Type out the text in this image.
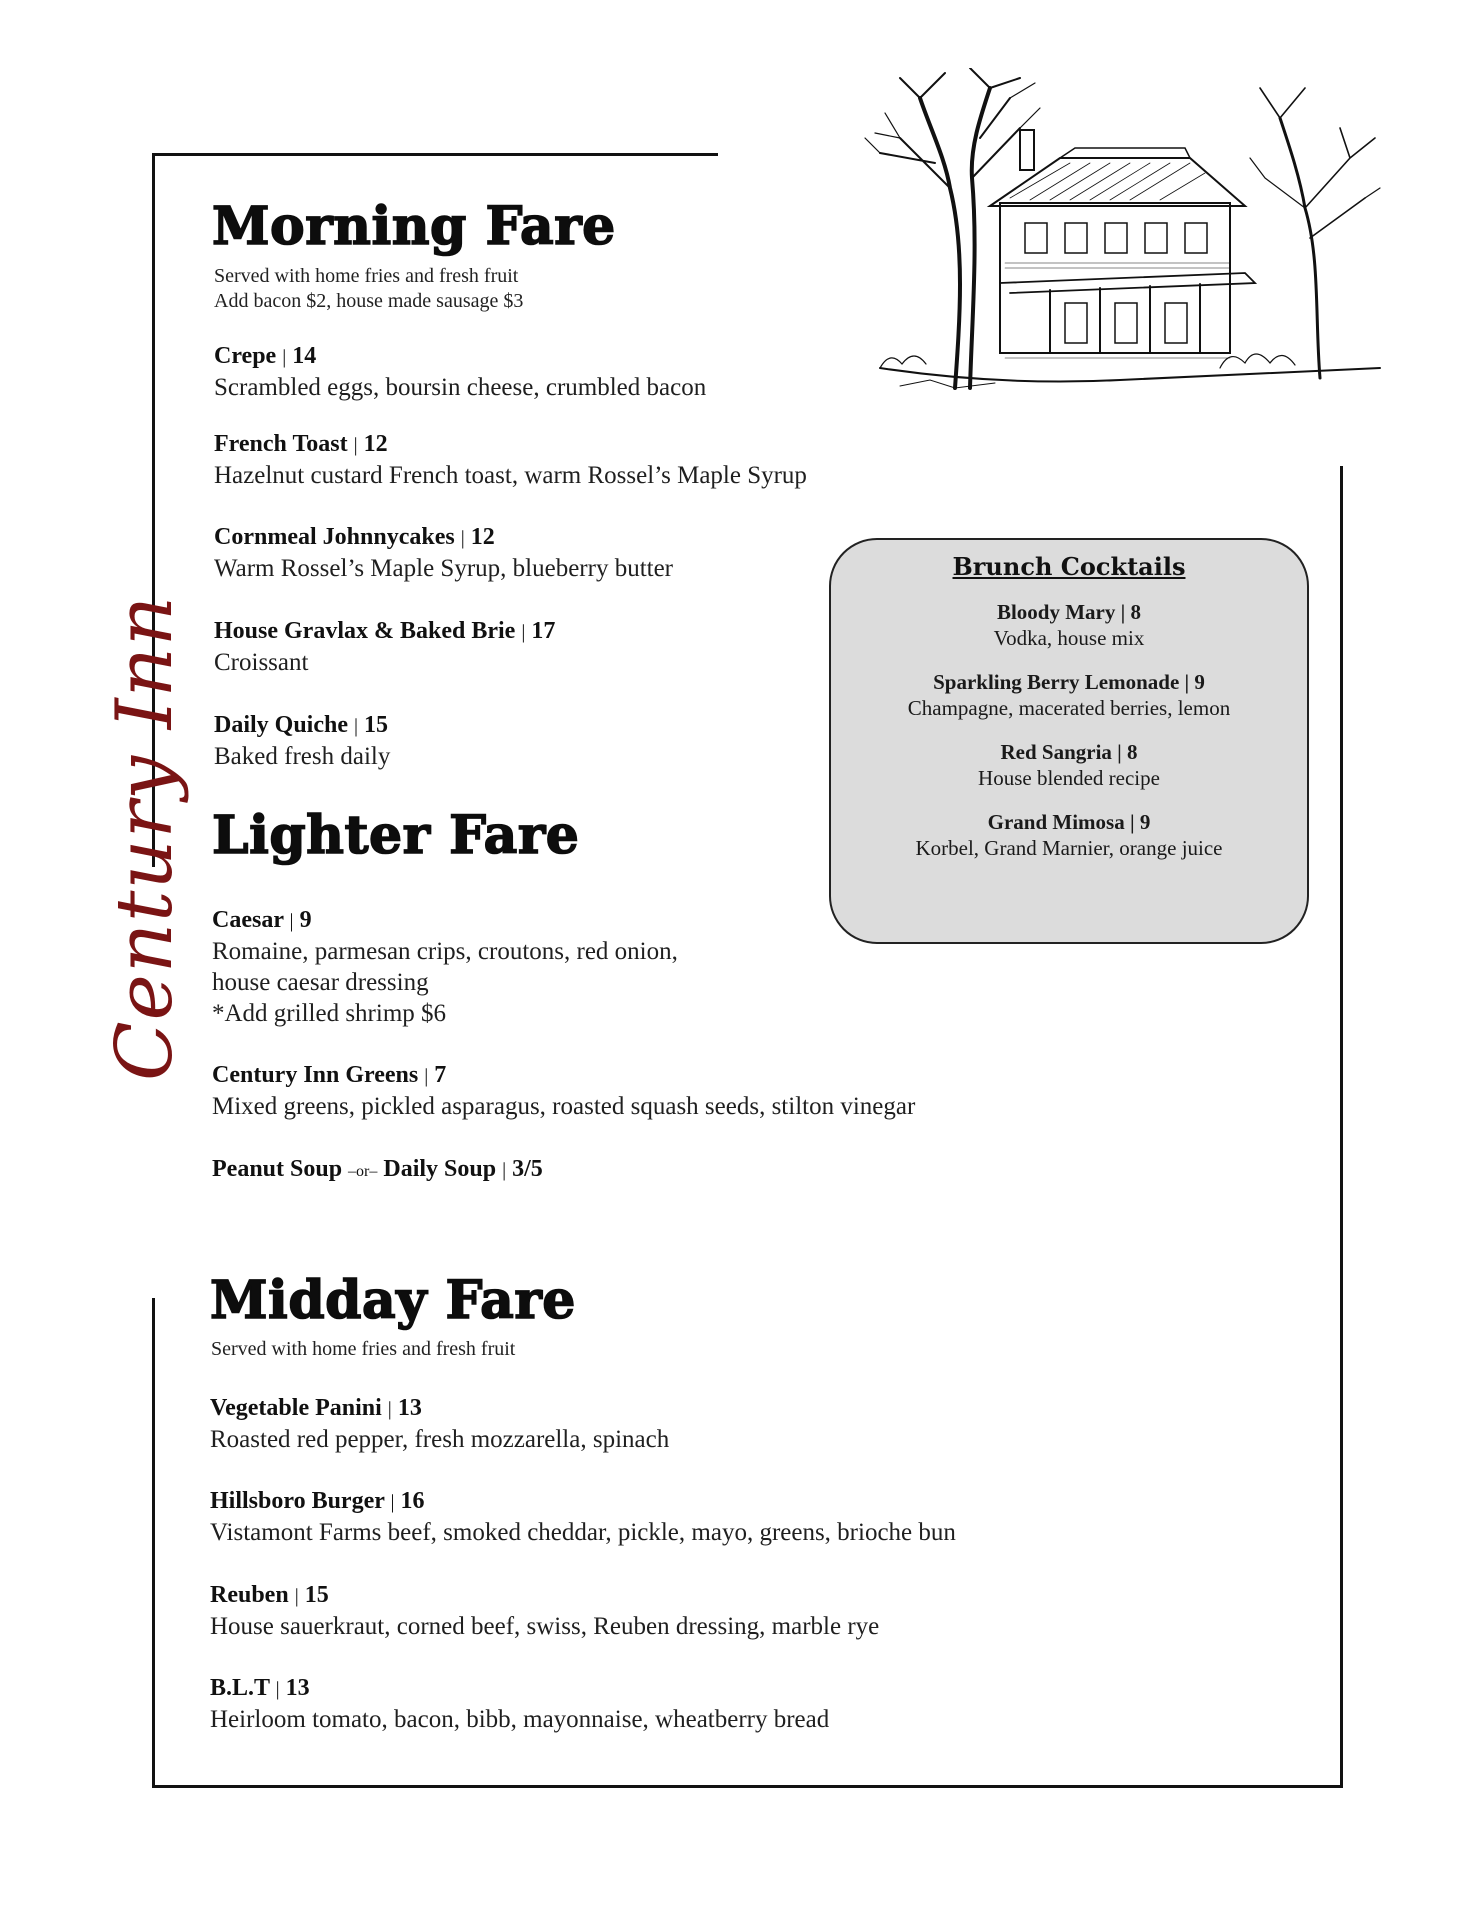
Century Inn
Morning Fare
Served with home fries and fresh fruit
Add bacon $2, house made sausage $3
Crepe | 14
Scrambled eggs, boursin cheese, crumbled bacon
French Toast | 12
Hazelnut custard French toast, warm Rossel’s Maple Syrup
Cornmeal Johnnycakes | 12
Warm Rossel’s Maple Syrup, blueberry butter
House Gravlax & Baked Brie | 17
Croissant
Daily Quiche | 15
Baked fresh daily
Lighter Fare
Caesar | 9
Romaine, parmesan crips, croutons, red onion,
house caesar dressing
*Add grilled shrimp $6
Century Inn Greens | 7
Mixed greens, pickled asparagus, roasted squash seeds, stilton vinegar
Peanut Soup –or– Daily Soup | 3/5
Midday Fare
Served with home fries and fresh fruit
Vegetable Panini | 13
Roasted red pepper, fresh mozzarella, spinach
Hillsboro Burger | 16
Vistamont Farms beef, smoked cheddar, pickle, mayo, greens, brioche bun
Reuben | 15
House sauerkraut, corned beef, swiss, Reuben dressing, marble rye
B.L.T | 13
Heirloom tomato, bacon, bibb, mayonnaise, wheatberry bread
Brunch Cocktails
Bloody Mary | 8
Vodka, house mix
Sparkling Berry Lemonade | 9
Champagne, macerated berries, lemon
Red Sangria | 8
House blended recipe
Grand Mimosa | 9
Korbel, Grand Marnier, orange juice
